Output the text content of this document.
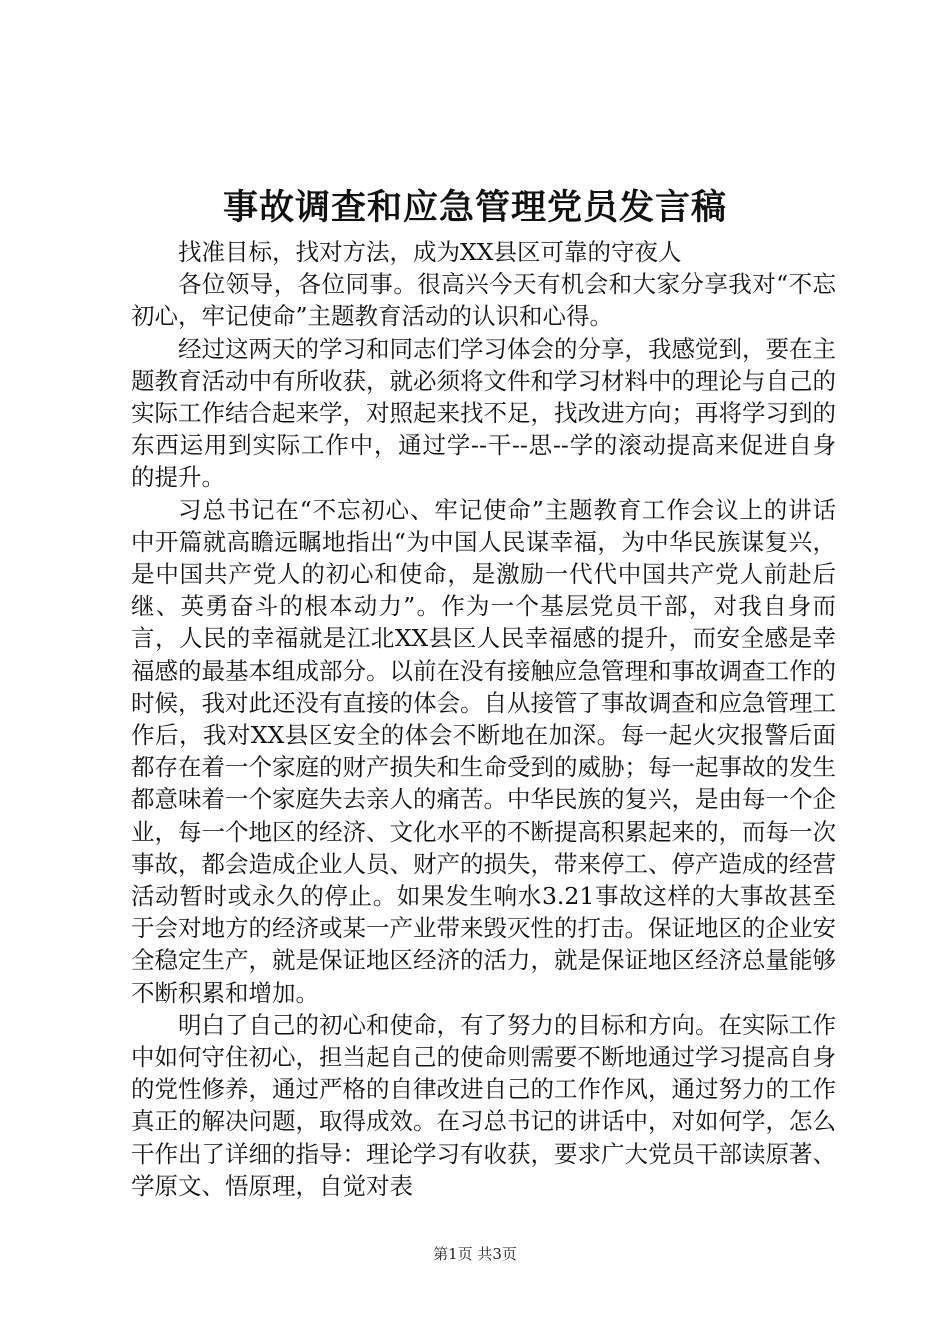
事故调查和应急管理党员发言稿

找准目标，找对方法，成为XX县区可靠的守夜人

各位领导，各位同事。很高兴今天有机会和大家分享我对“不忘初心，牢记使命”主题教育活动的认识和心得。

经过这两天的学习和同志们学习体会的分享，我感觉到，要在主题教育活动中有所收获，就必须将文件和学习材料中的理论与自己的实际工作结合起来学，对照起来找不足，找改进方向；再将学习到的东西运用到实际工作中，通过学--干--思--学的滚动提高来促进自身的提升。

习总书记在“不忘初心、牢记使命”主题教育工作会议上的讲话中开篇就高瞻远瞩地指出“为中国人民谋幸福，为中华民族谋复兴，是中国共产党人的初心和使命，是激励一代代中国共产党人前赴后继、英勇奋斗的根本动力”。作为一个基层党员干部，对我自身而言，人民的幸福就是江北XX县区人民幸福感的提升，而安全感是幸福感的最基本组成部分。以前在没有接触应急管理和事故调查工作的时候，我对此还没有直接的体会。自从接管了事故调查和应急管理工作后，我对XX县区安全的体会不断地在加深。每一起火灾报警后面都存在着一个家庭的财产损失和生命受到的威胁；每一起事故的发生都意味着一个家庭失去亲人的痛苦。中华民族的复兴，是由每一个企业，每一个地区的经济、文化水平的不断提高积累起来的，而每一次事故，都会造成企业人员、财产的损失，带来停工、停产造成的经营活动暂时或永久的停止。如果发生响水3.21事故这样的大事故甚至于会对地方的经济或某一产业带来毁灭性的打击。保证地区的企业安全稳定生产，就是保证地区经济的活力，就是保证地区经济总量能够不断积累和增加。

明白了自己的初心和使命，有了努力的目标和方向。在实际工作中如何守住初心，担当起自己的使命则需要不断地通过学习提高自身的党性修养，通过严格的自律改进自己的工作作风，通过努力的工作真正的解决问题，取得成效。在习总书记的讲话中，对如何学，怎么干作出了详细的指导：理论学习有收获，要求广大党员干部读原著、学原文、悟原理，自觉对表

第1页 共3页
